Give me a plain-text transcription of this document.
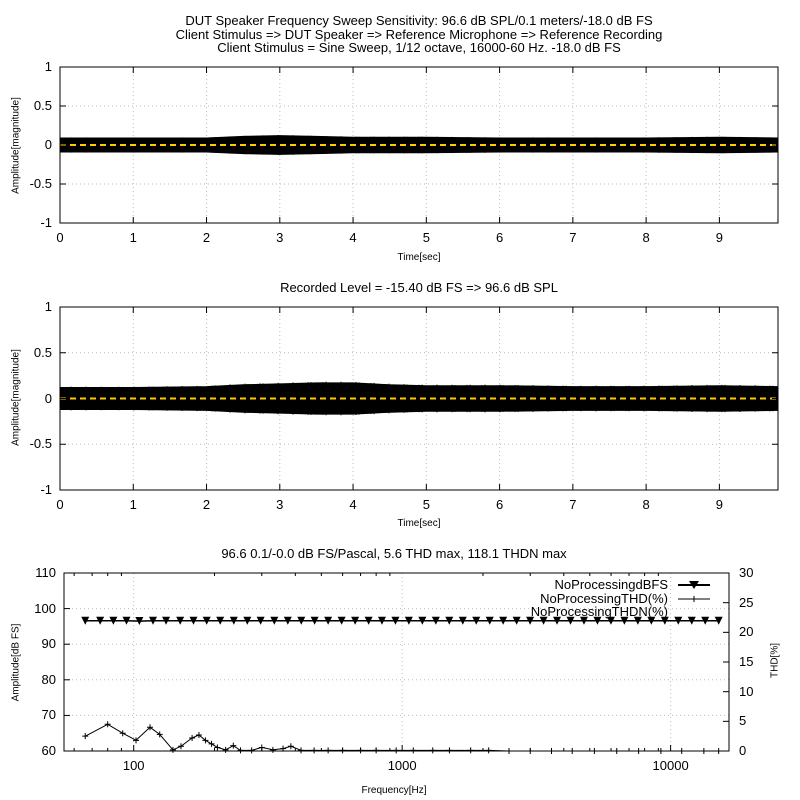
DUT Speaker Frequency Sweep Sensitivity: 96.6 dB SPL/0.1 meters/-18.0 dB FS
Client Stimulus => DUT Speaker => Reference Microphone => Reference Recording
Client Stimulus = Sine Sweep, 1/12 octave, 16000-60 Hz. -18.0 dB FS
Recorded Level = -15.40 dB FS => 96.6 dB SPL
96.6 0.1/-0.0 dB FS/Pascal, 5.6 THD max, 118.1 THDN max
Time[sec]
Amplitude[magnitude]
Time[sec]
Amplitude[magnitude]
Frequency[Hz]
Amplitude[dB FS]	THD[%]
NoProcessingdBFS
NoProcessingTHD(%)
NoProcessingTHDN(%)
0	1	2	3	4	5	6	7	8	9
1
0.5
0
-0.5
-1
0	1	2	3	4	5	6	7	8	9
1
0.5
0
-0.5
-1
100	1000	10000
110
100
90
80
70
60
30
25
20
15
10
5
0
